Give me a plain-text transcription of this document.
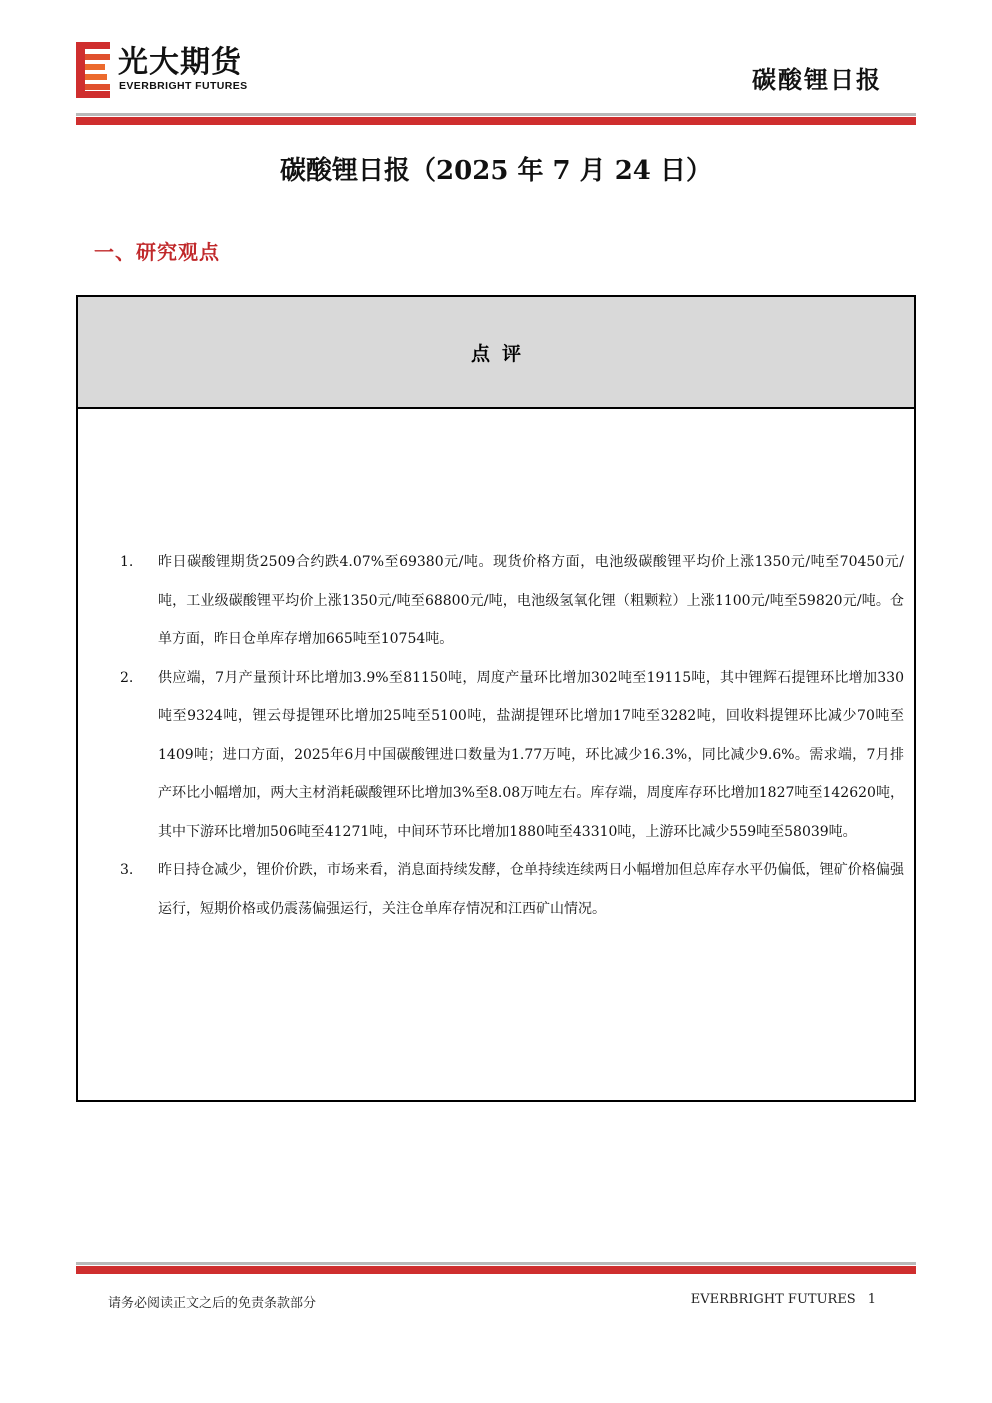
光大期货
EVERBRIGHT FUTURES	碳酸锂日报
碳酸锂日报（2025 年 7 月 24 日）
一、研究观点
点评
1. 昨日碳酸锂期货2509合约跌4.07%至69380元/吨。现货价格方面，电池级碳酸锂平均价上涨1350元/吨至70450元/吨，工业级碳酸锂平均价上涨1350元/吨至68800元/吨，电池级氢氧化锂（粗颗粒）上涨1100元/吨至59820元/吨。仓单方面，昨日仓单库存增加665吨至10754吨。
2. 供应端，7月产量预计环比增加3.9%至81150吨，周度产量环比增加302吨至19115吨，其中锂辉石提锂环比增加330吨至9324吨，锂云母提锂环比增加25吨至5100吨，盐湖提锂环比增加17吨至3282吨，回收料提锂环比减少70吨至1409吨；进口方面，2025年6月中国碳酸锂进口数量为1.77万吨，环比减少16.3%，同比减少9.6%。需求端，7月排产环比小幅增加，两大主材消耗碳酸锂环比增加3%至8.08万吨左右。库存端，周度库存环比增加1827吨至142620吨，其中下游环比增加506吨至41271吨，中间环节环比增加1880吨至43310吨，上游环比减少559吨至58039吨。
3. 昨日持仓减少，锂价价跌，市场来看，消息面持续发酵，仓单持续连续两日小幅增加但总库存水平仍偏低，锂矿价格偏强运行，短期价格或仍震荡偏强运行，关注仓单库存情况和江西矿山情况。
请务必阅读正文之后的免责条款部分	EVERBRIGHT FUTURES 1
